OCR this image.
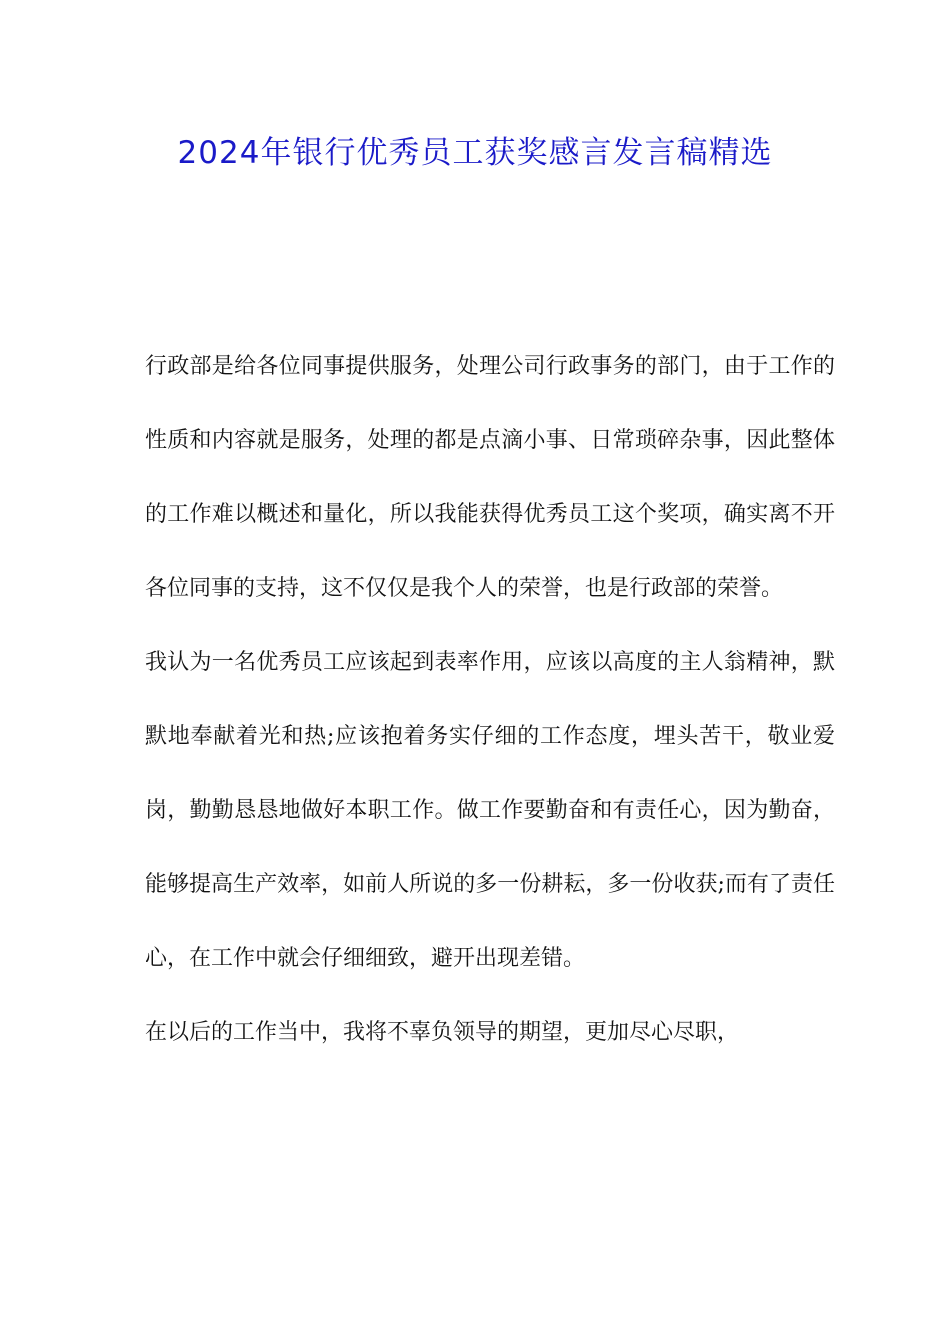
2024年银行优秀员工获奖感言发言稿精选

行政部是给各位同事提供服务，处理公司行政事务的部门，由于工作的性质和内容就是服务，处理的都是点滴小事、日常琐碎杂事，因此整体的工作难以概述和量化，所以我能获得优秀员工这个奖项，确实离不开各位同事的支持，这不仅仅是我个人的荣誉，也是行政部的荣誉。

我认为一名优秀员工应该起到表率作用，应该以高度的主人翁精神，默默地奉献着光和热;应该抱着务实仔细的工作态度，埋头苦干，敬业爱岗，勤勤恳恳地做好本职工作。做工作要勤奋和有责任心，因为勤奋，能够提高生产效率，如前人所说的多一份耕耘，多一份收获;而有了责任心，在工作中就会仔细细致，避开出现差错。

在以后的工作当中，我将不辜负领导的期望，更加尽心尽职，
